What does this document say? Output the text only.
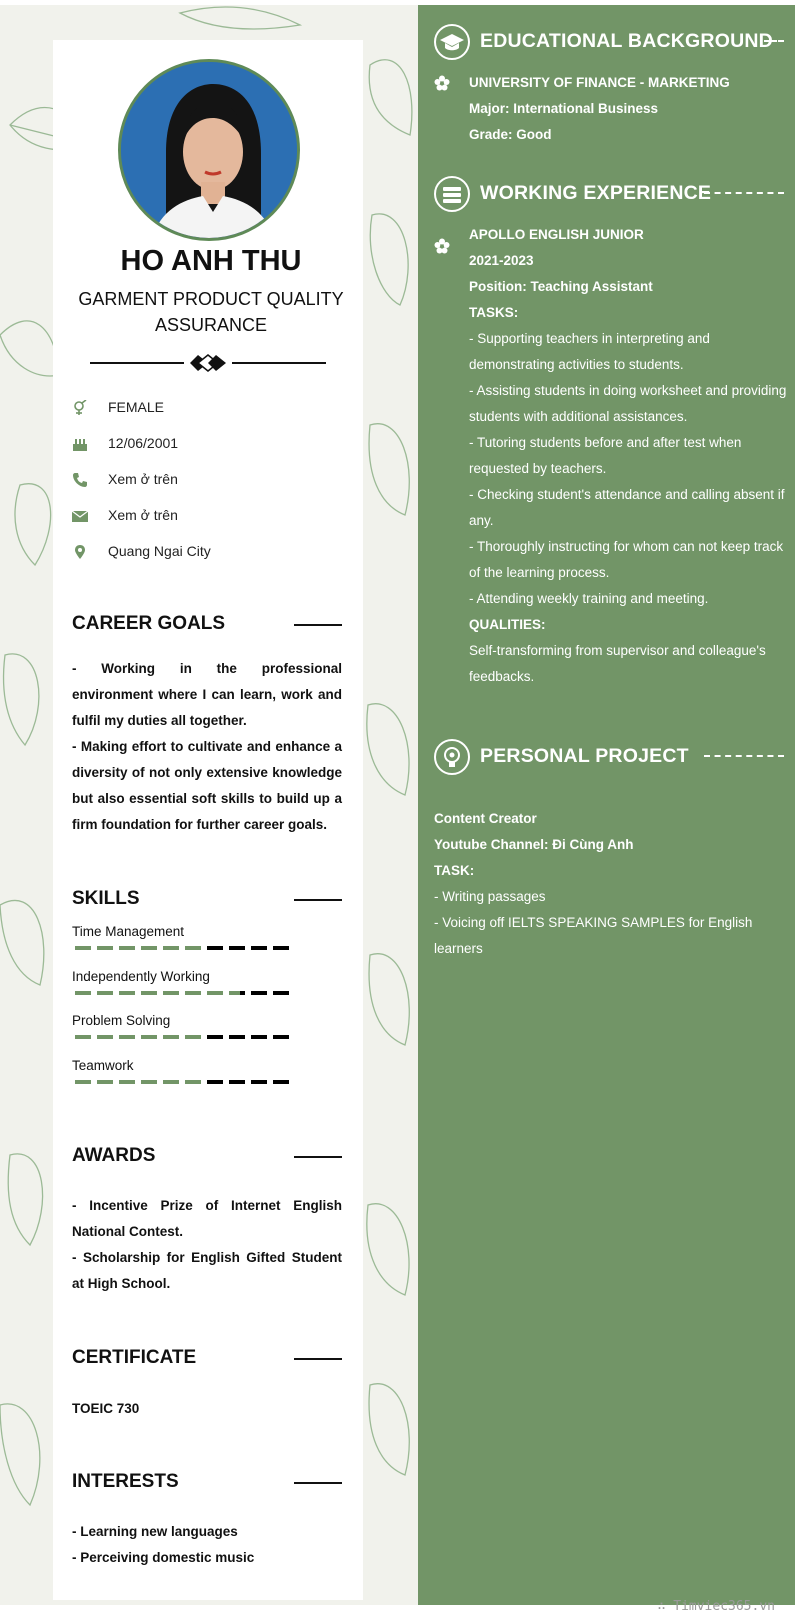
HO ANH THU
GARMENT PRODUCT QUALITY ASSURANCE
FEMALE
12/06/2001
Xem ở trên
Xem ở trên
Quang Ngai City
CAREER GOALS
- Working in the professional environment where I can learn, work and fulfil my duties all together.
- Making effort to cultivate and enhance a diversity of not only extensive knowledge but also essential soft skills to build up a firm foundation for further career goals.
SKILLS
Time Management
Independently Working
Problem Solving
Teamwork
AWARDS
- Incentive Prize of Internet English National Contest.
- Scholarship for English Gifted Student at High School.
CERTIFICATE
TOEIC 730
INTERESTS
- Learning new languages
- Perceiving domestic music
EDUCATIONAL BACKGROUND
UNIVERSITY OF FINANCE - MARKETING
Major: International Business
Grade: Good
WORKING EXPERIENCE
APOLLO ENGLISH JUNIOR
2021-2023
Position: Teaching Assistant
TASKS:
- Supporting teachers in interpreting and demonstrating activities to students.
- Assisting students in doing worksheet and providing students with additional assistances.
- Tutoring students before and after test when requested by teachers.
- Checking student's attendance and calling absent if any.
- Thoroughly instructing for whom can not keep track of the learning process.
- Attending weekly training and meeting.
QUALITIES:
Self-transforming from supervisor and colleague's feedbacks.
PERSONAL PROJECT
Content Creator
Youtube Channel: Đi Cùng Anh
TASK:
- Writing passages
- Voicing off IELTS SPEAKING SAMPLES for English learners
∴ Timviec365.vn
